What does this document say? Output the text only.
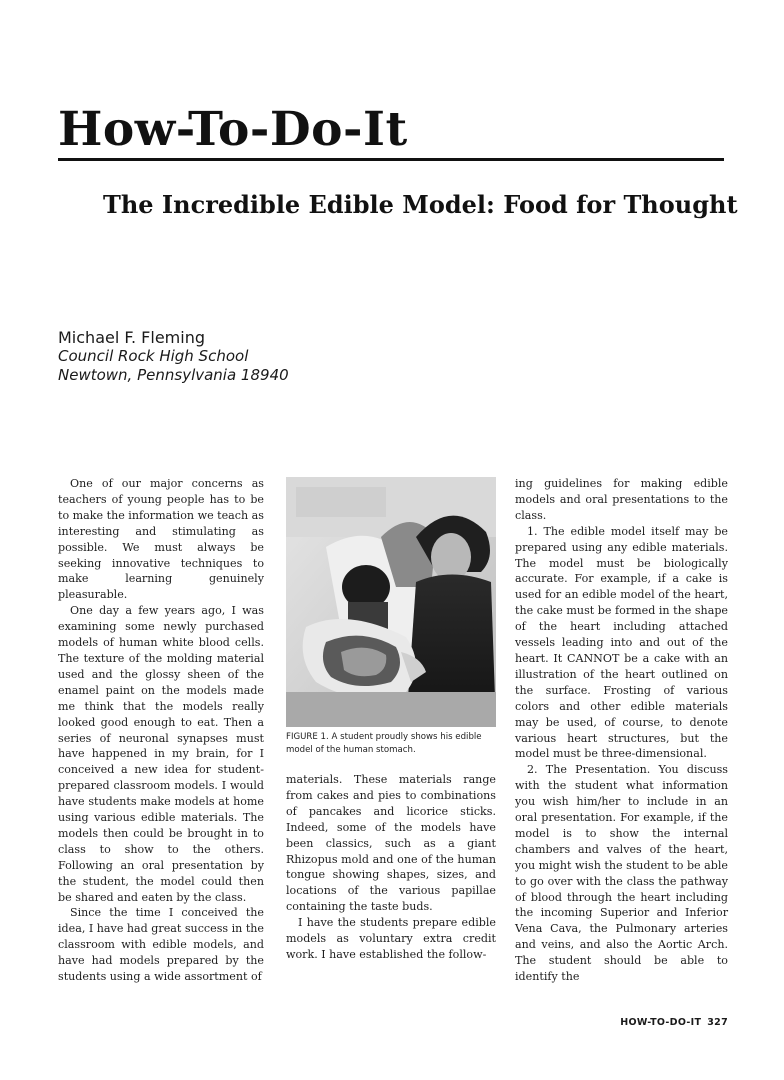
How-To-Do-It
The Incredible Edible Model: Food for Thought
Michael F. Fleming
Council Rock High School
Newtown, Pennsylvania 18940

One of our major concerns as teachers of young people has to be to make the information we teach as interesting and stimulating as possible. We must always be seeking innovative techniques to make learning genuinely pleasurable.

One day a few years ago, I was examining some newly purchased models of human white blood cells. The texture of the molding material used and the glossy sheen of the enamel paint on the models made me think that the models really looked good enough to eat. Then a series of neuronal synapses must have happened in my brain, for I conceived a new idea for student-prepared classroom models. I would have students make models at home using various edible materials. The models then could be brought in to class to show to the others. Following an oral presentation by the student, the model could then be shared and eaten by the class.

Since the time I conceived the idea, I have had great success in the classroom with edible models, and have had models prepared by the students using a wide assortment of

FIGURE 1. A student proudly shows his edible model of the human stomach.

materials. These materials range from cakes and pies to combinations of pancakes and licorice sticks. Indeed, some of the models have been classics, such as a giant Rhizopus mold and one of the human tongue showing shapes, sizes, and locations of the various papillae containing the taste buds.

I have the students prepare edible models as voluntary extra credit work. I have established the follow-

ing guidelines for making edible models and oral presentations to the class.

1. The edible model itself may be prepared using any edible materials. The model must be biologically accurate. For example, if a cake is used for an edible model of the heart, the cake must be formed in the shape of the heart including attached vessels leading into and out of the heart. It CANNOT be a cake with an illustration of the heart outlined on the surface. Frosting of various colors and other edible materials may be used, of course, to denote various heart structures, but the model must be three-dimensional.

2. The Presentation. You discuss with the student what information you wish him/her to include in an oral presentation. For example, if the model is to show the internal chambers and valves of the heart, you might wish the student to be able to go over with the class the pathway of blood through the heart including the incoming Superior and Inferior Vena Cava, the Pulmonary arteries and veins, and also the Aortic Arch. The student should be able to identify the

HOW-TO-DO-IT 327
